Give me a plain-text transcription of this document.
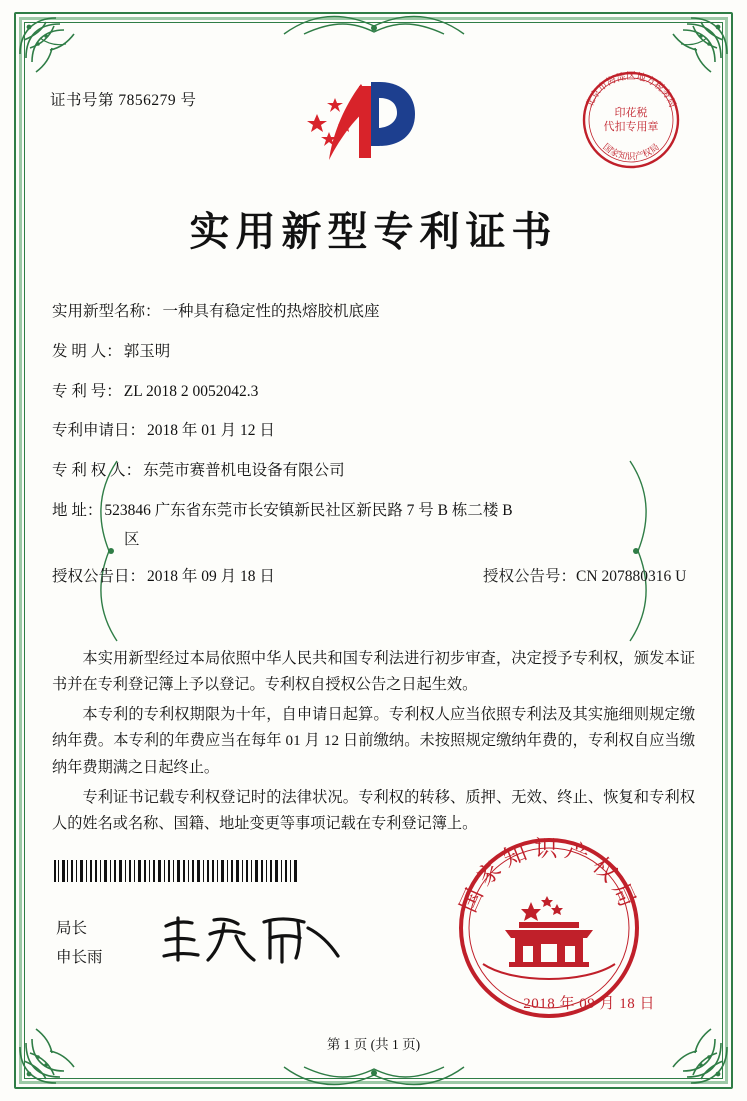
证书号第 7856279 号	北京市海淀区地方税务局
国家知识产权局
印花税
代扣专用章
实用新型专利证书
实用新型名称： 一种具有稳定性的热熔胶机底座
发 明 人： 郭玉明
专 利 号： ZL 2018 2 0052042.3
专利申请日： 2018 年 01 月 12 日
专 利 权 人： 东莞市赛普机电设备有限公司
地 址： 523846 广东省东莞市长安镇新民社区新民路 7 号 B 栋二楼 B
区
授权公告日： 2018 年 09 月 18 日	授权公告号： CN 207880316 U

本实用新型经过本局依照中华人民共和国专利法进行初步审查，决定授予专利权，颁发本证书并在专利登记簿上予以登记。专利权自授权公告之日起生效。

本专利的专利权期限为十年，自申请日起算。专利权人应当依照专利法及其实施细则规定缴纳年费。本专利的年费应当在每年 01 月 12 日前缴纳。未按照规定缴纳年费的，专利权自应当缴纳年费期满之日起终止。

专利证书记载专利权登记时的法律状况。专利权的转移、质押、无效、终止、恢复和专利权人的姓名或名称、国籍、地址变更等事项记载在专利登记簿上。

局长
申长雨
国家知识产权局
2018 年 09 月 18 日
第 1 页 (共 1 页)
